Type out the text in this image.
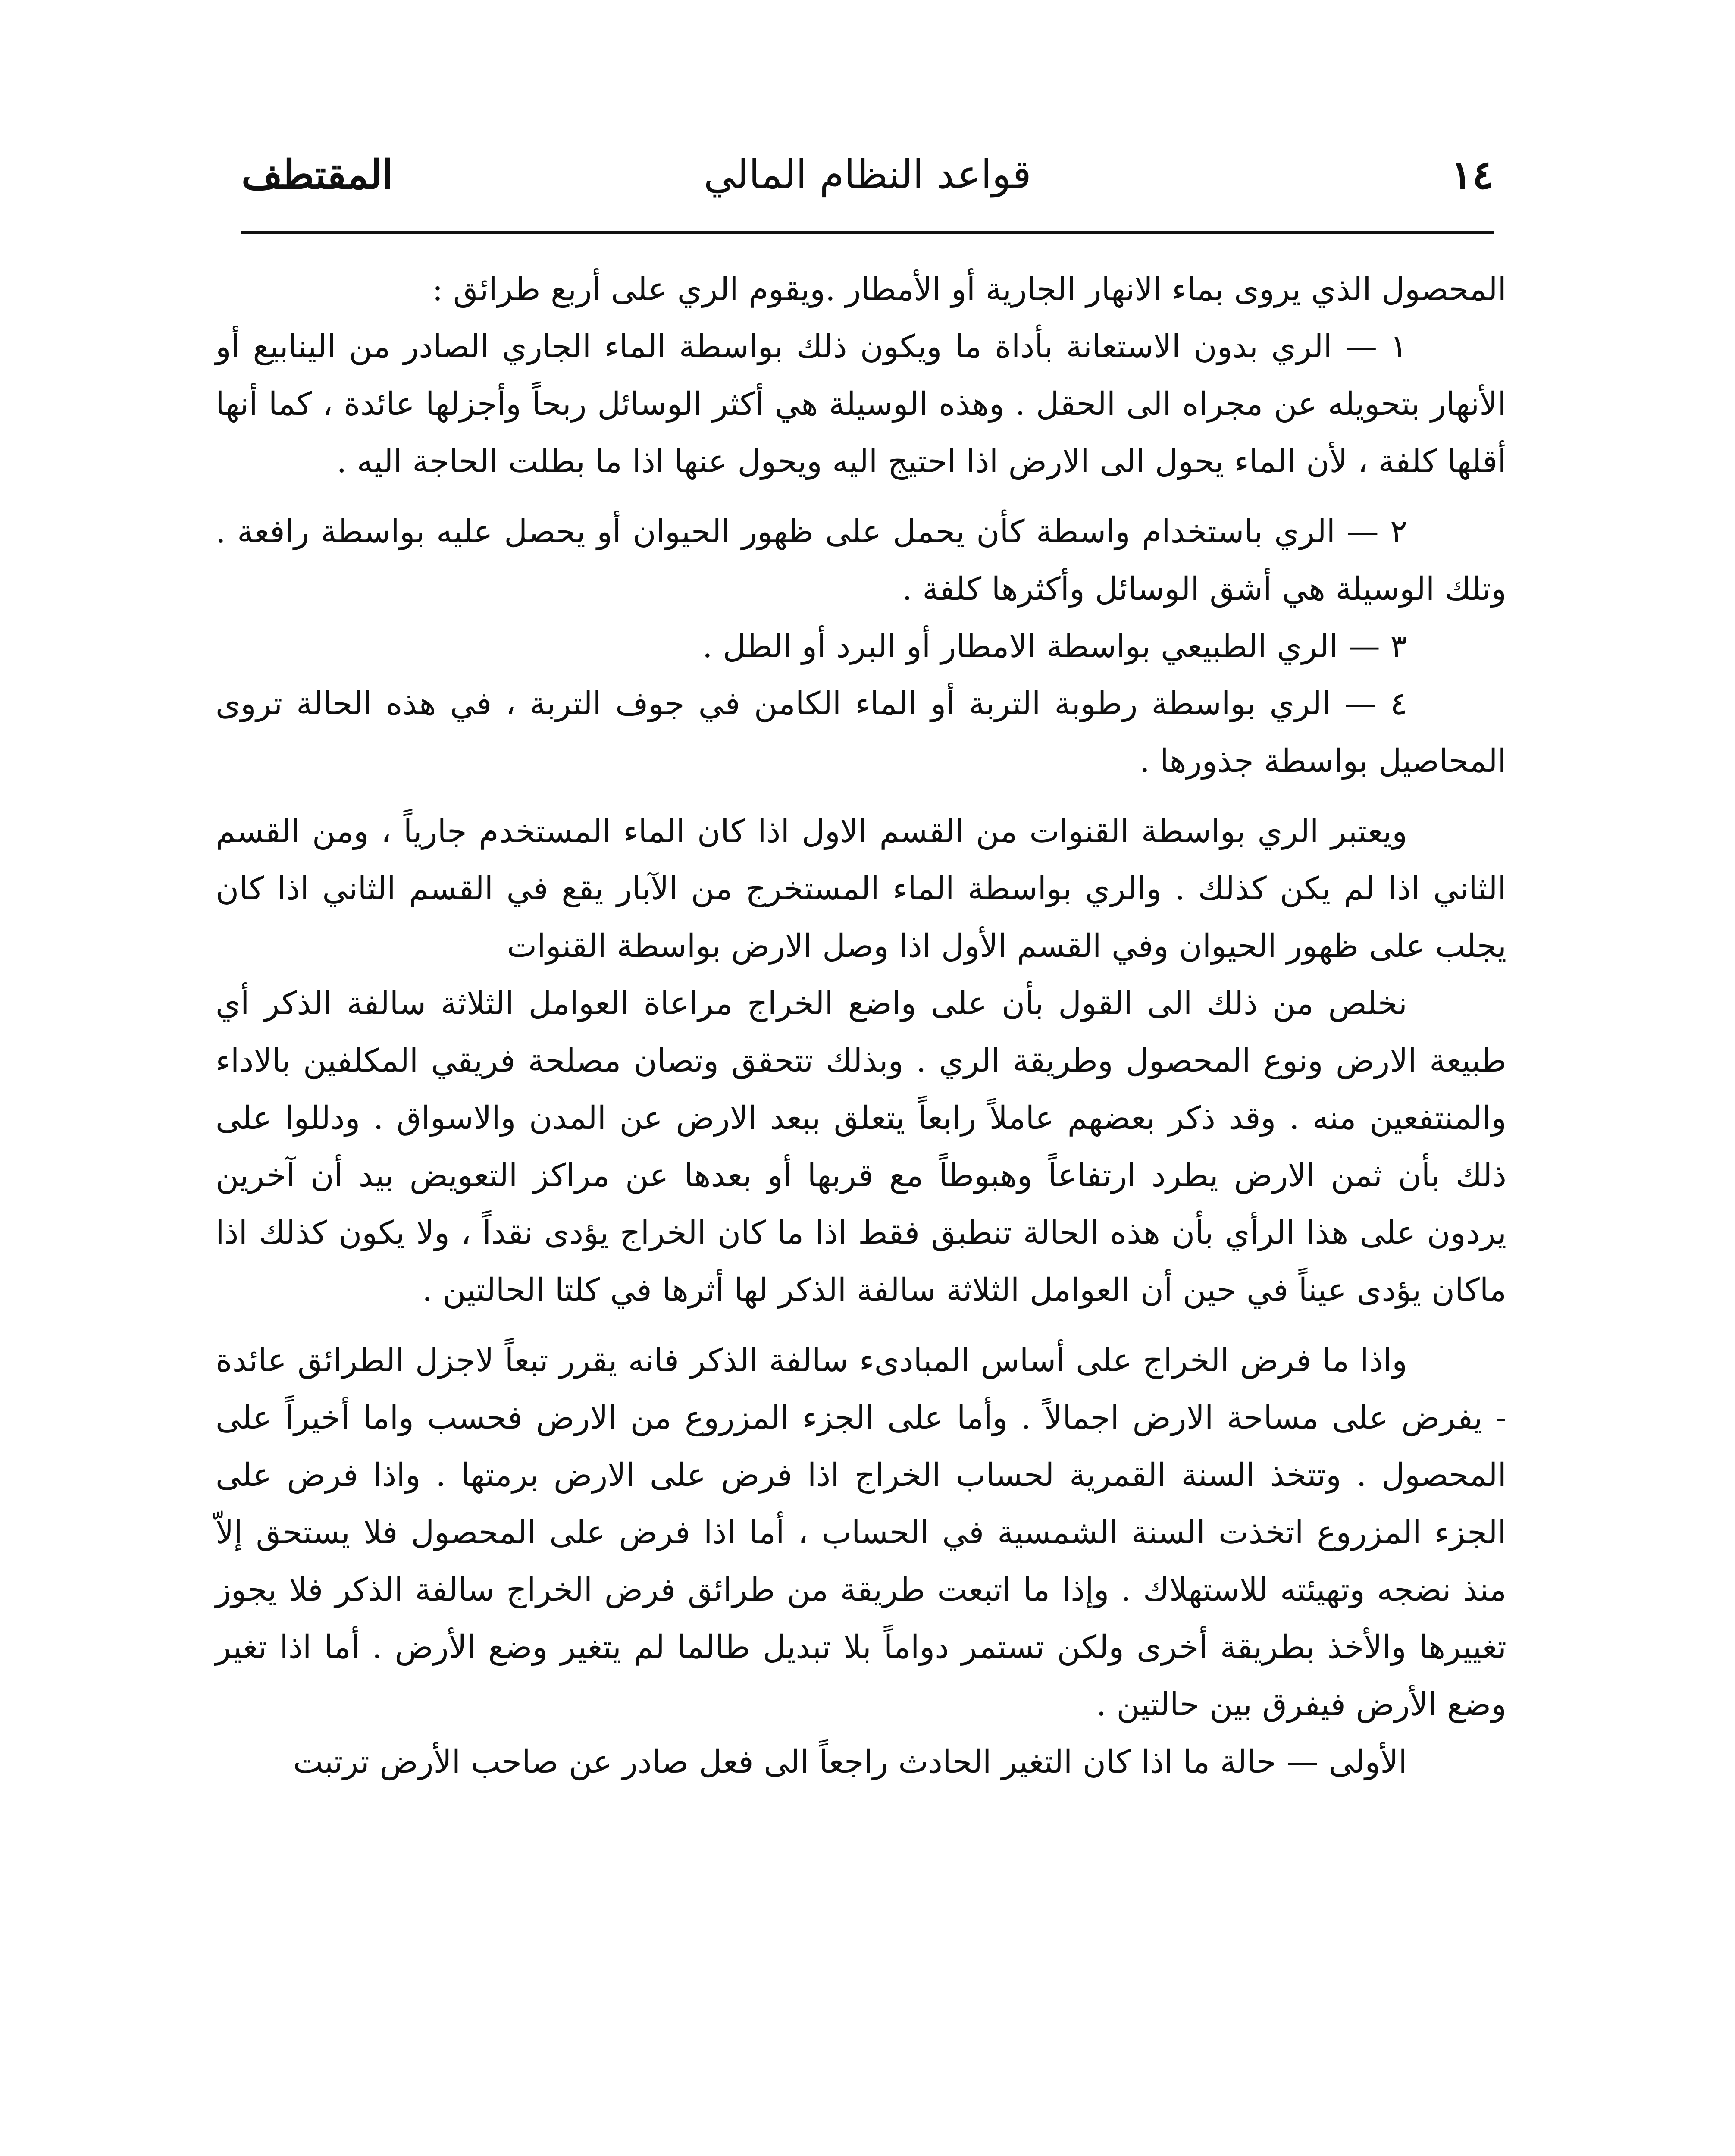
١٤
قواعد النظام المالي
المقتطف

المحصول الذي يروى بماء الانهار الجارية أو الأمطار .ويقوم الري على أربع طرائق :

١ — الري بدون الاستعانة بأداة ما ويكون ذلك بواسطة الماء الجاري الصادر من الينابيع أو الأنهار بتحويله عن مجراه الى الحقل . وهذه الوسيلة هي أكثر الوسائل ربحاً وأجزلها عائدة ، كما أنها أقلها كلفة ، لأن الماء يحول الى الارض اذا احتيج اليه ويحول عنها اذا ما بطلت الحاجة اليه .

٢ — الري باستخدام واسطة كأن يحمل على ظهور الحيوان أو يحصل عليه بواسطة رافعة . وتلك الوسيلة هي أشق الوسائل وأكثرها كلفة .

٣ — الري الطبيعي بواسطة الامطار أو البرد أو الطل .

٤ — الري بواسطة رطوبة التربة أو الماء الكامن في جوف التربة ، في هذه الحالة تروى المحاصيل بواسطة جذورها .

ويعتبر الري بواسطة القنوات من القسم الاول اذا كان الماء المستخدم جارياً ، ومن القسم الثاني اذا لم يكن كذلك . والري بواسطة الماء المستخرج من الآبار يقع في القسم الثاني اذا كان يجلب على ظهور الحيوان وفي القسم الأول اذا وصل الارض بواسطة القنوات

نخلص من ذلك الى القول بأن على واضع الخراج مراعاة العوامل الثلاثة سالفة الذكر أي طبيعة الارض ونوع المحصول وطريقة الري . وبذلك تتحقق وتصان مصلحة فريقي المكلفين بالاداء والمنتفعين منه . وقد ذكر بعضهم عاملاً رابعاً يتعلق ببعد الارض عن المدن والاسواق . ودللوا على ذلك بأن ثمن الارض يطرد ارتفاعاً وهبوطاً مع قربها أو بعدها عن مراكز التعويض بيد أن آخرين يردون على هذا الرأي بأن هذه الحالة تنطبق فقط اذا ما كان الخراج يؤدى نقداً ، ولا يكون كذلك اذا ماكان يؤدى عيناً في حين أن العوامل الثلاثة سالفة الذكر لها أثرها في كلتا الحالتين .

واذا ما فرض الخراج على أساس المبادىء سالفة الذكر فانه يقرر تبعاً لاجزل الطرائق عائدة - يفرض على مساحة الارض اجمالاً . وأما على الجزء المزروع من الارض فحسب واما أخيراً على المحصول . وتتخذ السنة القمرية لحساب الخراج اذا فرض على الارض برمتها . واذا فرض على الجزء المزروع اتخذت السنة الشمسية في الحساب ، أما اذا فرض على المحصول فلا يستحق إلاّ منذ نضجه وتهيئته للاستهلاك . وإذا ما اتبعت طريقة من طرائق فرض الخراج سالفة الذكر فلا يجوز تغييرها والأخذ بطريقة أخرى ولكن تستمر دواماً بلا تبديل طالما لم يتغير وضع الأرض . أما اذا تغير وضع الأرض فيفرق بين حالتين .

الأولى — حالة ما اذا كان التغير الحادث راجعاً الى فعل صادر عن صاحب الأرض ترتبت
